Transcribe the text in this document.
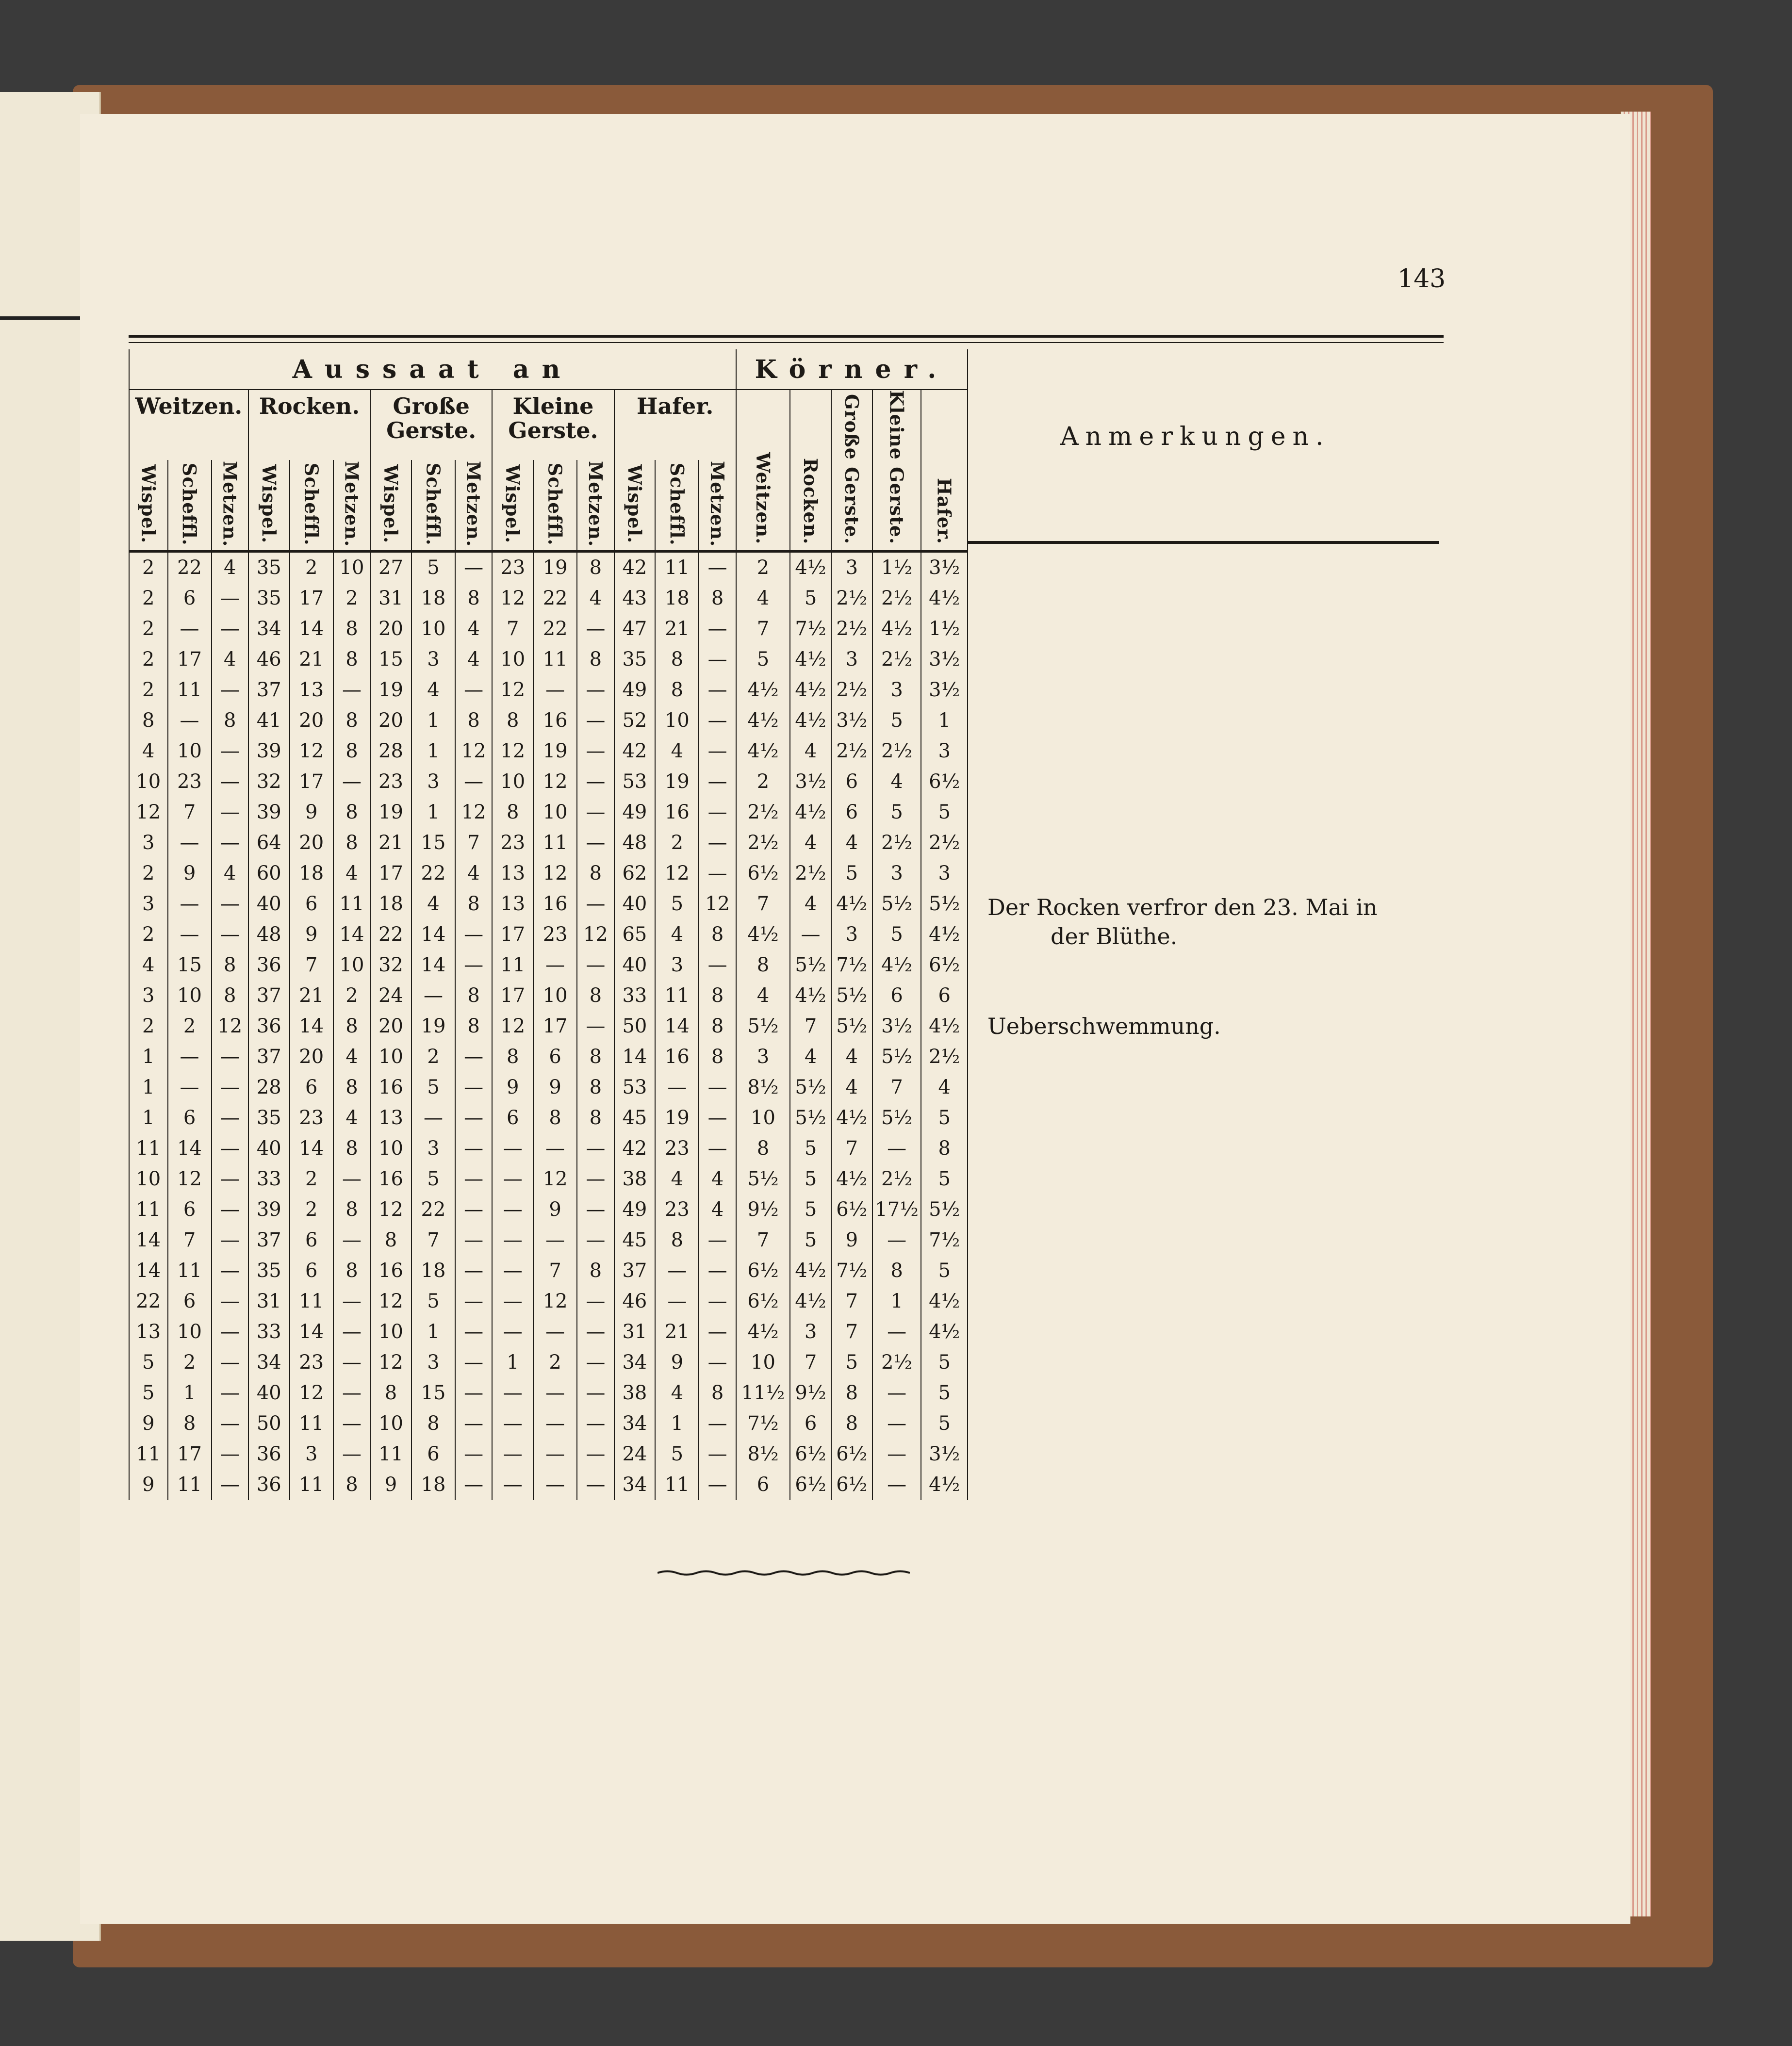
143
Aussaat an															Körner.				
Weitzen.			Rocken.			Große Gerste.			Kleine Gerste.			Hafer.			Weitzen.	Rocken.	Große Gerste.	Kleine Gerste.	Hafer.
Wispel.	Scheffl.	Metzen.	Wispel.	Scheffl.	Metzen.	Wispel.	Scheffl.	Metzen.	Wispel.	Scheffl.	Metzen.	Wispel.	Scheffl.	Metzen.					
2	22	4	35	2	10	27	5	—	23	19	8	42	11	—	2	4½	3	1½	3½
2	6	—	35	17	2	31	18	8	12	22	4	43	18	8	4	5	2½	2½	4½
2	—	—	34	14	8	20	10	4	7	22	—	47	21	—	7	7½	2½	4½	1½
2	17	4	46	21	8	15	3	4	10	11	8	35	8	—	5	4½	3	2½	3½
2	11	—	37	13	—	19	4	—	12	—	—	49	8	—	4½	4½	2½	3	3½
8	—	8	41	20	8	20	1	8	8	16	—	52	10	—	4½	4½	3½	5	1
4	10	—	39	12	8	28	1	12	12	19	—	42	4	—	4½	4	2½	2½	3
10	23	—	32	17	—	23	3	—	10	12	—	53	19	—	2	3½	6	4	6½
12	7	—	39	9	8	19	1	12	8	10	—	49	16	—	2½	4½	6	5	5
3	—	—	64	20	8	21	15	7	23	11	—	48	2	—	2½	4	4	2½	2½
2	9	4	60	18	4	17	22	4	13	12	8	62	12	—	6½	2½	5	3	3
3	—	—	40	6	11	18	4	8	13	16	—	40	5	12	7	4	4½	5½	5½
2	—	—	48	9	14	22	14	—	17	23	12	65	4	8	4½	—	3	5	4½
4	15	8	36	7	10	32	14	—	11	—	—	40	3	—	8	5½	7½	4½	6½
3	10	8	37	21	2	24	—	8	17	10	8	33	11	8	4	4½	5½	6	6
2	2	12	36	14	8	20	19	8	12	17	—	50	14	8	5½	7	5½	3½	4½
1	—	—	37	20	4	10	2	—	8	6	8	14	16	8	3	4	4	5½	2½
1	—	—	28	6	8	16	5	—	9	9	8	53	—	—	8½	5½	4	7	4
1	6	—	35	23	4	13	—	—	6	8	8	45	19	—	10	5½	4½	5½	5
11	14	—	40	14	8	10	3	—	—	—	—	42	23	—	8	5	7	—	8
10	12	—	33	2	—	16	5	—	—	12	—	38	4	4	5½	5	4½	2½	5
11	6	—	39	2	8	12	22	—	—	9	—	49	23	4	9½	5	6½	17½	5½
14	7	—	37	6	—	8	7	—	—	—	—	45	8	—	7	5	9	—	7½
14	11	—	35	6	8	16	18	—	—	7	8	37	—	—	6½	4½	7½	8	5
22	6	—	31	11	—	12	5	—	—	12	—	46	—	—	6½	4½	7	1	4½
13	10	—	33	14	—	10	1	—	—	—	—	31	21	—	4½	3	7	—	4½
5	2	—	34	23	—	12	3	—	1	2	—	34	9	—	10	7	5	2½	5
5	1	—	40	12	—	8	15	—	—	—	—	38	4	8	11½	9½	8	—	5
9	8	—	50	11	—	10	8	—	—	—	—	34	1	—	7½	6	8	—	5
11	17	—	36	3	—	11	6	—	—	—	—	24	5	—	8½	6½	6½	—	3½
9	11	—	36	11	8	9	18	—	—	—	—	34	11	—	6	6½	6½	—	4½
Anmerkungen.
Der Rocken verfror den 23. Mai in
der Blüthe.
Ueberschwemmung.
